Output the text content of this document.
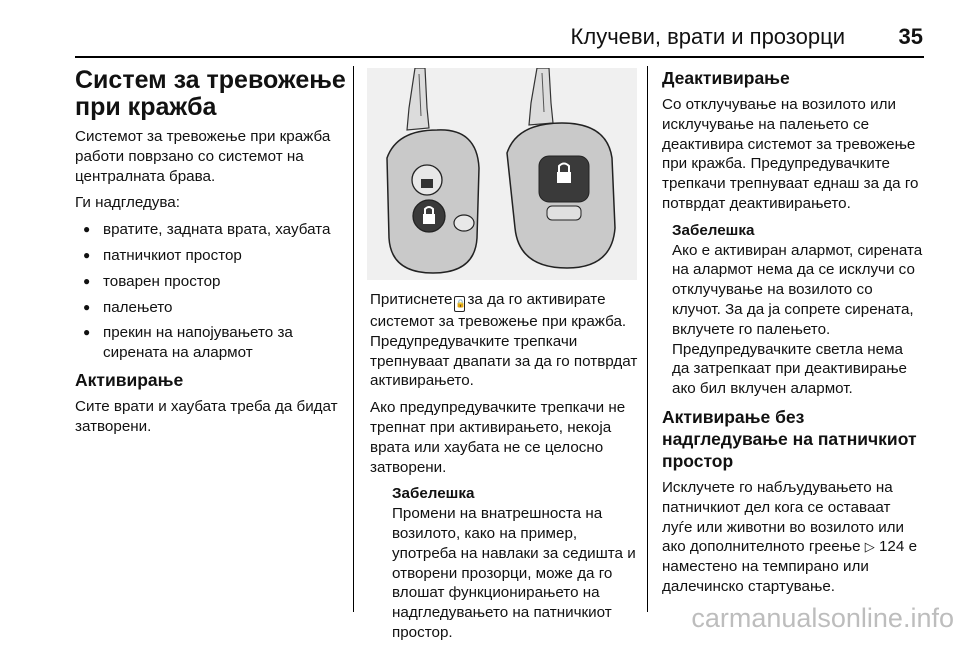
Клучеви, врати и прозорци 35
Систем за тревожење при кражба

Системот за тревожење при кражба работи поврзано со системот на централната брава.

Ги надгледува:

● вратите, задната врата, хаубата
● патничкиот простор
● товарен простор
● палењето
● прекин на напојувањето за сирената на алармот
Активирање

Сите врати и хаубата треба да бидат затворени.

Притиснете 🔒 за да го активирате системот за тревожење при кражба. Предупредувачките трепкачи трепнуваат двапати за да го потврдат активирањето.

Ако предупредувачките трепкачи не трепнат при активирањето, некоја врата или хаубата не се целосно затворени.

Забелешка
Промени на внатрешноста на возилото, како на пример, употреба на навлаки за седишта и отворени прозорци, може да го влошат функционирањето на надгледувањето на патничкиот простор.
Деактивирање

Со отклучување на возилото или исклучување на палењето се деактивира системот за тревожење при кражба. Предупредувачките трепкачи трепнуваат еднаш за да го потврдат деактивирањето.

Забелешка
Ако е активиран алармот, сирената на алармот нема да се исклучи со отклучување на возилото со клучот. За да ја сопрете сирената, вклучете го палењето. Предупредувачките светла нема да затрепкаат при деактивирање ако бил вклучен алармот.
Активирање без надгледување на патничкиот простор

Исклучете го набљудувањето на патничкиот дел кога се оставаат луѓе или животни во возилото или ако дополнителното греење ▷ 124 е наместено на темпирано или далечинско стартување.

carmanualsonline.info
